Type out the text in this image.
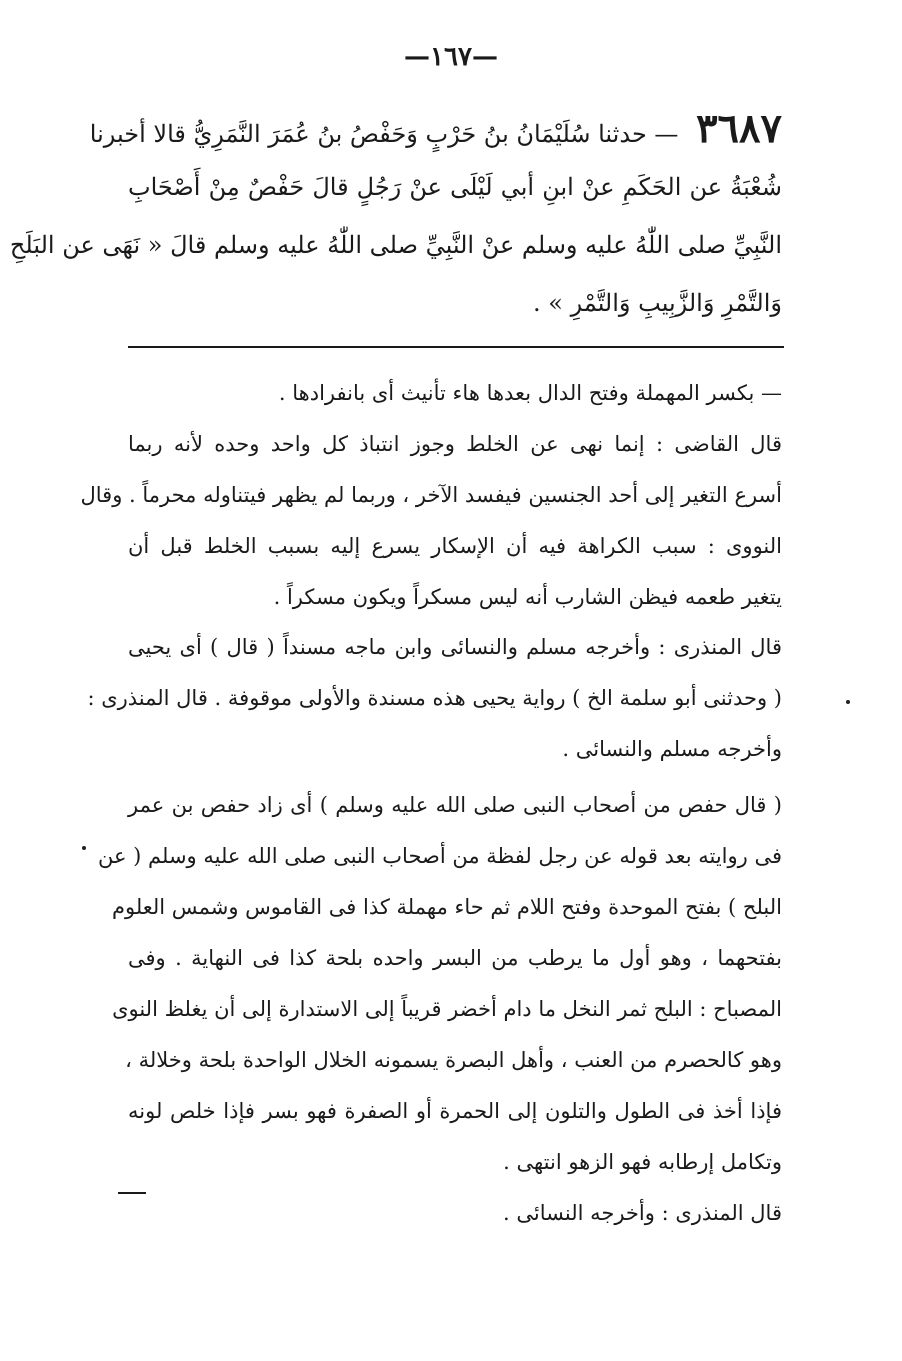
—١٦٧—
٣٦٨٧ — حدثنا سُلَيْمَانُ بنُ حَرْبٍ وَحَفْصُ بنُ عُمَرَ النَّمَرِيُّ قالا أخبرنا
شُعْبَةُ عن الحَكَمِ عنْ ابنِ أبي لَيْلَى عنْ رَجُلٍ قالَ حَفْصٌ مِنْ أَصْحَابِ
النَّبِيِّ صلى اللّٰهُ عليه وسلم عنْ النَّبِيِّ صلى اللّٰهُ عليه وسلم قالَ « نَهَى عن البَلَحِ
وَالتَّمْرِ وَالزَّبِيبِ وَالتَّمْرِ » .
— بكسر المهملة وفتح الدال بعدها هاء تأنيث أى بانفرادها .
قال القاضى : إنما نهى عن الخلط وجوز انتباذ كل واحد وحده لأنه ربما
أسرع التغير إلى أحد الجنسين فيفسد الآخر ، وربما لم يظهر فيتناوله محرماً . وقال
النووى : سبب الكراهة فيه أن الإسكار يسرع إليه بسبب الخلط قبل أن
يتغير طعمه فيظن الشارب أنه ليس مسكراً ويكون مسكراً .
قال المنذرى : وأخرجه مسلم والنسائى وابن ماجه مسنداً ( قال ) أى يحيى
( وحدثنى أبو سلمة الخ ) رواية يحيى هذه مسندة والأولى موقوفة . قال المنذرى :
وأخرجه مسلم والنسائى .
( قال حفص من أصحاب النبى صلى الله عليه وسلم ) أى زاد حفص بن عمر
فى روايته بعد قوله عن رجل لفظة من أصحاب النبى صلى الله عليه وسلم ( عن
البلح ) بفتح الموحدة وفتح اللام ثم حاء مهملة كذا فى القاموس وشمس العلوم
بفتحهما ، وهو أول ما يرطب من البسر واحده بلحة كذا فى النهاية . وفى
المصباح : البلح ثمر النخل ما دام أخضر قريباً إلى الاستدارة إلى أن يغلظ النوى
وهو كالحصرم من العنب ، وأهل البصرة يسمونه الخلال الواحدة بلحة وخلالة ،
فإذا أخذ فى الطول والتلون إلى الحمرة أو الصفرة فهو بسر فإذا خلص لونه
وتكامل إرطابه فهو الزهو انتهى .
قال المنذرى : وأخرجه النسائى .
